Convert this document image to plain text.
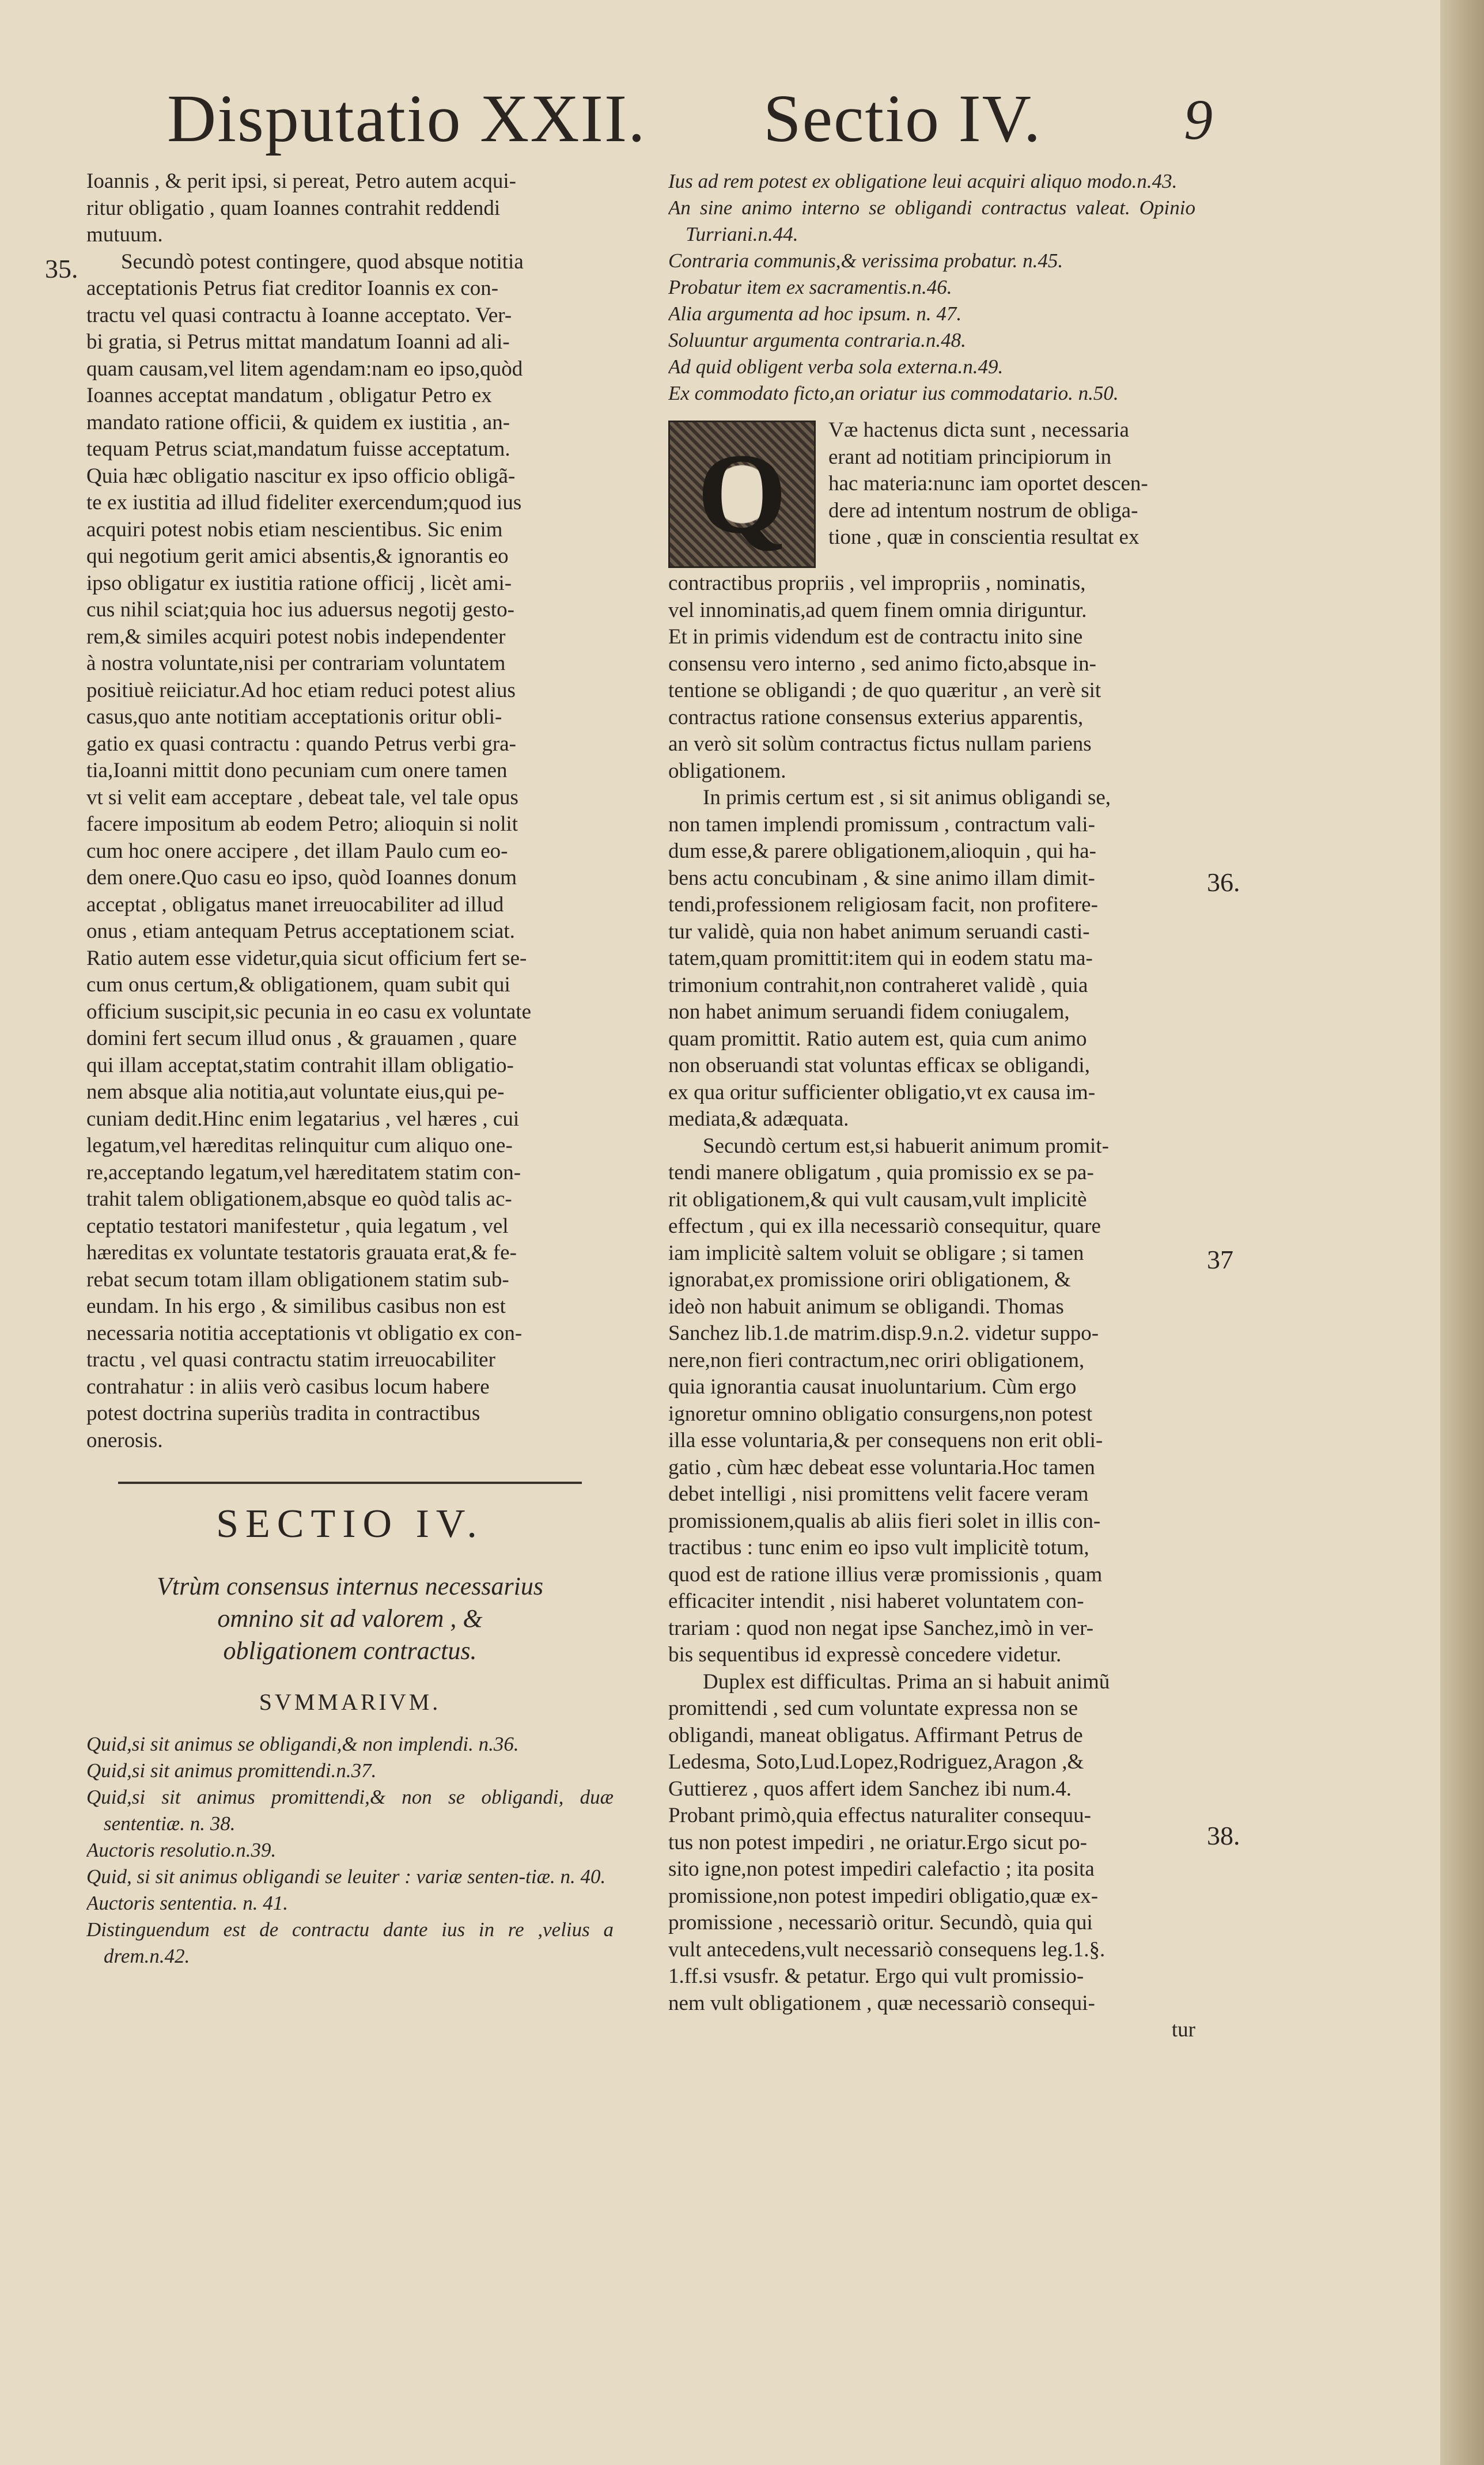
Disputatio XXII. Sectio IV. 9
35.
36.
37
38.
Ioannis , & perit ipsi, si pereat, Petro autem acqui-
ritur obligatio , quam Ioannes contrahit reddendi
mutuum.
Secundò potest contingere, quod absque notitia
acceptationis Petrus fiat creditor Ioannis ex con-
tractu vel quasi contractu à Ioanne acceptato. Ver-
bi gratia, si Petrus mittat mandatum Ioanni ad ali-
quam causam,vel litem agendam:nam eo ipso,quòd
Ioannes acceptat mandatum , obligatur Petro ex
mandato ratione officii, & quidem ex iustitia , an-
tequam Petrus sciat,mandatum fuisse acceptatum.
Quia hæc obligatio nascitur ex ipso officio obligã-
te ex iustitia ad illud fideliter exercendum;quod ius
acquiri potest nobis etiam nescientibus. Sic enim
qui negotium gerit amici absentis,& ignorantis eo
ipso obligatur ex iustitia ratione officij , licèt ami-
cus nihil sciat;quia hoc ius aduersus negotij gesto-
rem,& similes acquiri potest nobis independenter
à nostra voluntate,nisi per contrariam voluntatem
positiuè reiiciatur.Ad hoc etiam reduci potest alius
casus,quo ante notitiam acceptationis oritur obli-
gatio ex quasi contractu : quando Petrus verbi gra-
tia,Ioanni mittit dono pecuniam cum onere tamen
vt si velit eam acceptare , debeat tale, vel tale opus
facere impositum ab eodem Petro; alioquin si nolit
cum hoc onere accipere , det illam Paulo cum eo-
dem onere.Quo casu eo ipso, quòd Ioannes donum
acceptat , obligatus manet irreuocabiliter ad illud
onus , etiam antequam Petrus acceptationem sciat.
Ratio autem esse videtur,quia sicut officium fert se-
cum onus certum,& obligationem, quam subit qui
officium suscipit,sic pecunia in eo casu ex voluntate
domini fert secum illud onus , & grauamen , quare
qui illam acceptat,statim contrahit illam obligatio-
nem absque alia notitia,aut voluntate eius,qui pe-
cuniam dedit.Hinc enim legatarius , vel hæres , cui
legatum,vel hæreditas relinquitur cum aliquo one-
re,acceptando legatum,vel hæreditatem statim con-
trahit talem obligationem,absque eo quòd talis ac-
ceptatio testatori manifestetur , quia legatum , vel
hæreditas ex voluntate testatoris grauata erat,& fe-
rebat secum totam illam obligationem statim sub-
eundam. In his ergo , & similibus casibus non est
necessaria notitia acceptationis vt obligatio ex con-
tractu , vel quasi contractu statim irreuocabiliter
contrahatur : in aliis verò casibus locum habere
potest doctrina superiùs tradita in contractibus
onerosis.
SECTIO IV.
Vtrùm consensus internus necessarius
omnino sit ad valorem , &
obligationem contractus.
SVMMARIVM.
Quid,si sit animus se obligandi,& non implendi. n.36.
Quid,si sit animus promittendi.n.37.
Quid,si sit animus promittendi,& non se obligandi, duæ sententiæ. n. 38.
Auctoris resolutio.n.39.
Quid, si sit animus obligandi se leuiter : variæ senten-tiæ. n. 40.
Auctoris sententia. n. 41.
Distinguendum est de contractu dante ius in re ,velius a drem.n.42.
Ius ad rem potest ex obligatione leui acquiri aliquo modo.n.43.
An sine animo interno se obligandi contractus valeat. Opinio Turriani.n.44.
Contraria communis,& verissima probatur. n.45.
Probatur item ex sacramentis.n.46.
Alia argumenta ad hoc ipsum. n. 47.
Soluuntur argumenta contraria.n.48.
Ad quid obligent verba sola externa.n.49.
Ex commodato ficto,an oriatur ius commodatario. n.50.
Q
Væ hactenus dicta sunt , necessaria
erant ad notitiam principiorum in
hac materia:nunc iam oportet descen-
dere ad intentum nostrum de obliga-
tione , quæ in conscientia resultat ex
contractibus propriis , vel impropriis , nominatis,
vel innominatis,ad quem finem omnia diriguntur.
Et in primis videndum est de contractu inito sine
consensu vero interno , sed animo ficto,absque in-
tentione se obligandi ; de quo quæritur , an verè sit
contractus ratione consensus exterius apparentis,
an verò sit solùm contractus fictus nullam pariens
obligationem.
In primis certum est , si sit animus obligandi se,
non tamen implendi promissum , contractum vali-
dum esse,& parere obligationem,alioquin , qui ha-
bens actu concubinam , & sine animo illam dimit-
tendi,professionem religiosam facit, non profitere-
tur validè, quia non habet animum seruandi casti-
tatem,quam promittit:item qui in eodem statu ma-
trimonium contrahit,non contraheret validè , quia
non habet animum seruandi fidem coniugalem,
quam promittit. Ratio autem est, quia cum animo
non obseruandi stat voluntas efficax se obligandi,
ex qua oritur sufficienter obligatio,vt ex causa im-
mediata,& adæquata.
Secundò certum est,si habuerit animum promit-
tendi manere obligatum , quia promissio ex se pa-
rit obligationem,& qui vult causam,vult implicitè
effectum , qui ex illa necessariò consequitur, quare
iam implicitè saltem voluit se obligare ; si tamen
ignorabat,ex promissione oriri obligationem, &
ideò non habuit animum se obligandi. Thomas
Sanchez lib.1.de matrim.disp.9.n.2. videtur suppo-
nere,non fieri contractum,nec oriri obligationem,
quia ignorantia causat inuoluntarium. Cùm ergo
ignoretur omnino obligatio consurgens,non potest
illa esse voluntaria,& per consequens non erit obli-
gatio , cùm hæc debeat esse voluntaria.Hoc tamen
debet intelligi , nisi promittens velit facere veram
promissionem,qualis ab aliis fieri solet in illis con-
tractibus : tunc enim eo ipso vult implicitè totum,
quod est de ratione illius veræ promissionis , quam
efficaciter intendit , nisi haberet voluntatem con-
trariam : quod non negat ipse Sanchez,imò in ver-
bis sequentibus id expressè concedere videtur.
Duplex est difficultas. Prima an si habuit animũ
promittendi , sed cum voluntate expressa non se
obligandi, maneat obligatus. Affirmant Petrus de
Ledesma, Soto,Lud.Lopez,Rodriguez,Aragon ,&
Guttierez , quos affert idem Sanchez ibi num.4.
Probant primò,quia effectus naturaliter consequu-
tus non potest impediri , ne oriatur.Ergo sicut po-
sito igne,non potest impediri calefactio ; ita posita
promissione,non potest impediri obligatio,quæ ex-
promissione , necessariò oritur. Secundò, quia qui
vult antecedens,vult necessariò consequens leg.1.§.
1.ff.si vsusfr. & petatur. Ergo qui vult promissio-
nem vult obligationem , quæ necessariò consequi-
tur
